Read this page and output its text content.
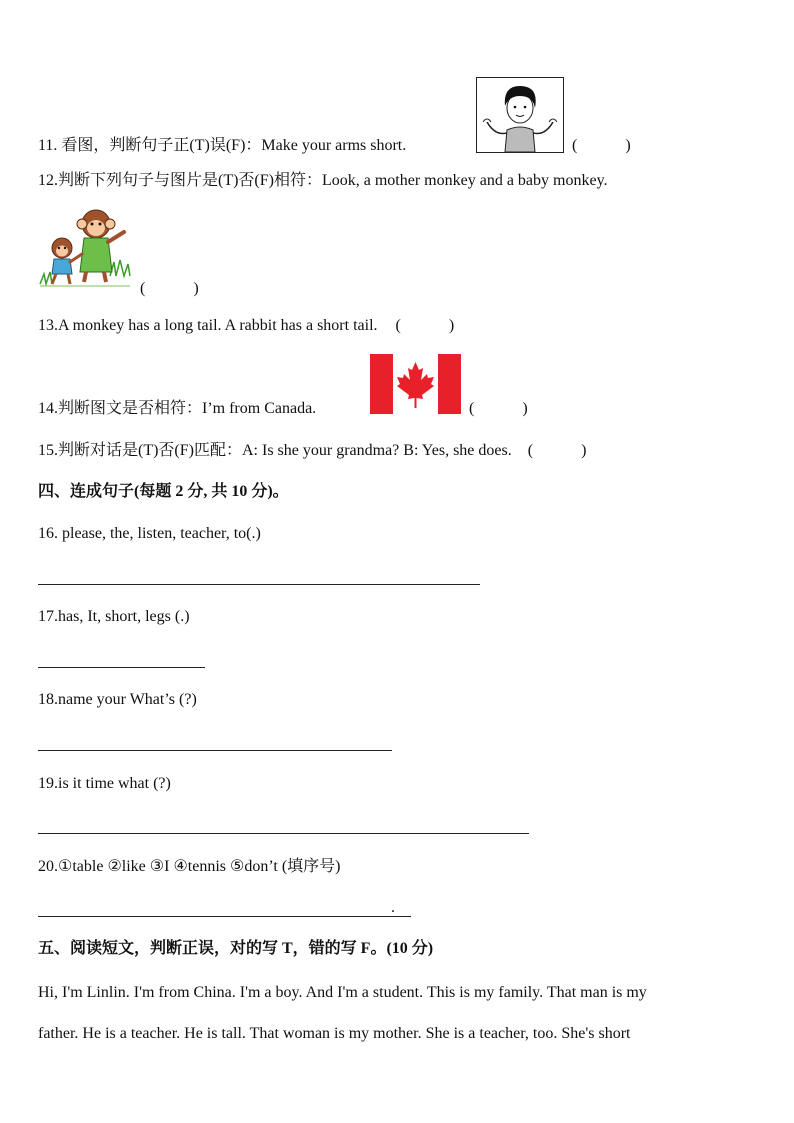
11. 看图，判断句子正(T)误(F)：Make your arms short.	(　　　)
12.判断下列句子与图片是(T)否(F)相符：Look, a mother monkey and a baby monkey.
(　　　)
13.A monkey has a long tail. A rabbit has a short tail. (　　　)
14.判断图文是否相符：I’m from Canada.	(　　　)
15.判断对话是(T)否(F)匹配：A: Is she your grandma? B: Yes, she does. (　　　)
四、连成句子(每题 2 分, 共 10 分)。
16. please, the, listen, teacher, to(.)
17.has, It, short, legs (.)
18.name your What’s (?)
19.is it time what (?)
20.①table ②like ③I ④tennis ⑤don’t (填序号)
.
五、阅读短文，判断正误，对的写 T，错的写 F。(10 分)
Hi, I'm Linlin. I'm from China. I'm a boy. And I'm a student. This is my family. That man is my
father. He is a teacher. He is tall. That woman is my mother. She is a teacher, too. She's short
